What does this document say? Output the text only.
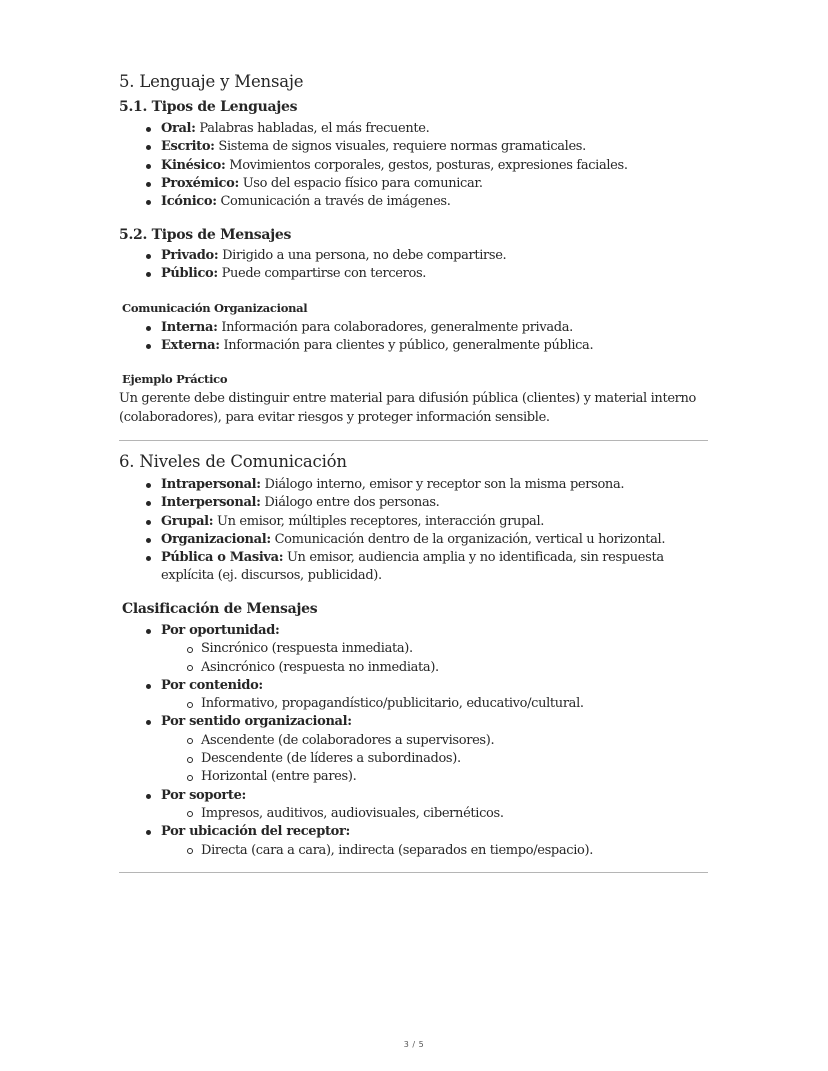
5. Lenguaje y Mensaje
5.1. Tipos de Lenguajes
Oral: Palabras habladas, el más frecuente.
Escrito: Sistema de signos visuales, requiere normas gramaticales.
Kinésico: Movimientos corporales, gestos, posturas, expresiones faciales.
Proxémico: Uso del espacio físico para comunicar.
Icónico: Comunicación a través de imágenes.
5.2. Tipos de Mensajes
Privado: Dirigido a una persona, no debe compartirse.
Público: Puede compartirse con terceros.
Comunicación Organizacional
Interna: Información para colaboradores, generalmente privada.
Externa: Información para clientes y público, generalmente pública.
Ejemplo Práctico

Un gerente debe distinguir entre material para difusión pública (clientes) y material interno (colaboradores), para evitar riesgos y proteger información sensible.

6. Niveles de Comunicación
Intrapersonal: Diálogo interno, emisor y receptor son la misma persona.
Interpersonal: Diálogo entre dos personas.
Grupal: Un emisor, múltiples receptores, interacción grupal.
Organizacional: Comunicación dentro de la organización, vertical u horizontal.
Pública o Masiva: Un emisor, audiencia amplia y no identificada, sin respuesta explícita (ej. discursos, publicidad).
Clasificación de Mensajes
Por oportunidad:
Sincrónico (respuesta inmediata).
Asincrónico (respuesta no inmediata).
Por contenido:
Informativo, propagandístico/publicitario, educativo/cultural.
Por sentido organizacional:
Ascendente (de colaboradores a supervisores).
Descendente (de líderes a subordinados).
Horizontal (entre pares).
Por soporte:
Impresos, auditivos, audiovisuales, cibernéticos.
Por ubicación del receptor:
Directa (cara a cara), indirecta (separados en tiempo/espacio).
3 / 5
